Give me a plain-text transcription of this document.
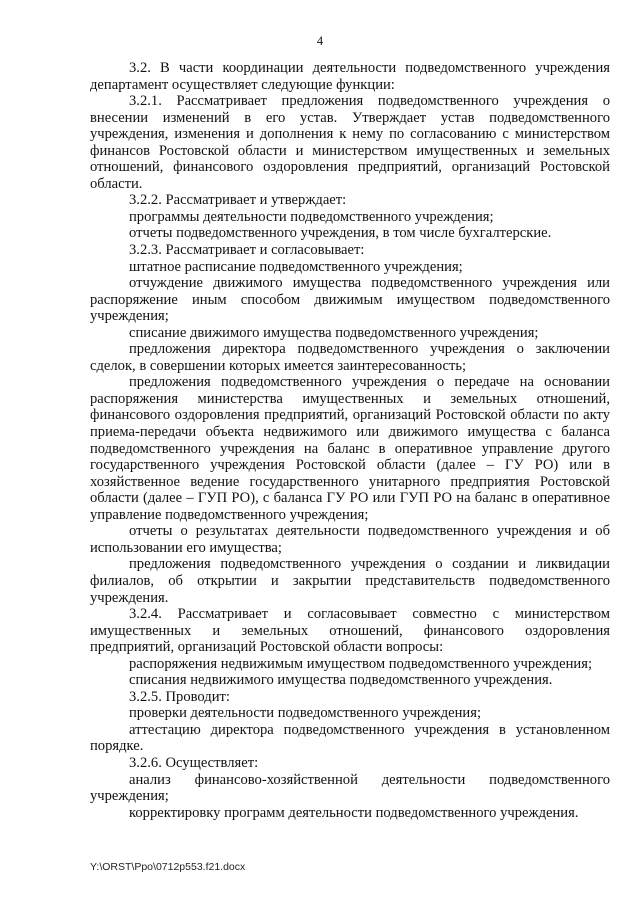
4

3.2. В части координации деятельности подведомственного учреждения департамент осуществляет следующие функции:

3.2.1. Рассматривает предложения подведомственного учреждения о внесении изменений в его устав. Утверждает устав подведомственного учреждения, изменения и дополнения к нему по согласованию с министерством финансов Ростовской области и министерством имущественных и земельных отношений, финансового оздоровления предприятий, организаций Ростовской области.

3.2.2. Рассматривает и утверждает:

программы деятельности подведомственного учреждения;

отчеты подведомственного учреждения, в том числе бухгалтерские.

3.2.3. Рассматривает и согласовывает:

штатное расписание подведомственного учреждения;

отчуждение движимого имущества подведомственного учреждения или распоряжение иным способом движимым имуществом подведомственного учреждения;

списание движимого имущества подведомственного учреждения;

предложения директора подведомственного учреждения о заключении сделок, в совершении которых имеется заинтересованность;

предложения подведомственного учреждения о передаче на основании распоряжения министерства имущественных и земельных отношений, финансового оздоровления предприятий, организаций Ростовской области по акту приема-передачи объекта недвижимого или движимого имущества с баланса подведомственного учреждения на баланс в оперативное управление другого государственного учреждения Ростовской области (далее – ГУ РО) или в хозяйственное ведение государственного унитарного предприятия Ростовской области (далее – ГУП РО), с баланса ГУ РО или ГУП РО на баланс в оперативное управление подведомственного учреждения;

отчеты о результатах деятельности подведомственного учреждения и об использовании его имущества;

предложения подведомственного учреждения о создании и ликвидации филиалов, об открытии и закрытии представительств подведомственного учреждения.

3.2.4. Рассматривает и согласовывает совместно с министерством имущественных и земельных отношений, финансового оздоровления предприятий, организаций Ростовской области вопросы:

распоряжения недвижимым имуществом подведомственного учреждения;

списания недвижимого имущества подведомственного учреждения.

3.2.5. Проводит:

проверки деятельности подведомственного учреждения;

аттестацию директора подведомственного учреждения в установленном порядке.

3.2.6. Осуществляет:

анализ финансово-хозяйственной деятельности подведомственного учреждения;

корректировку программ деятельности подведомственного учреждения.

Y:\ORST\Ppo\0712p553.f21.docx
